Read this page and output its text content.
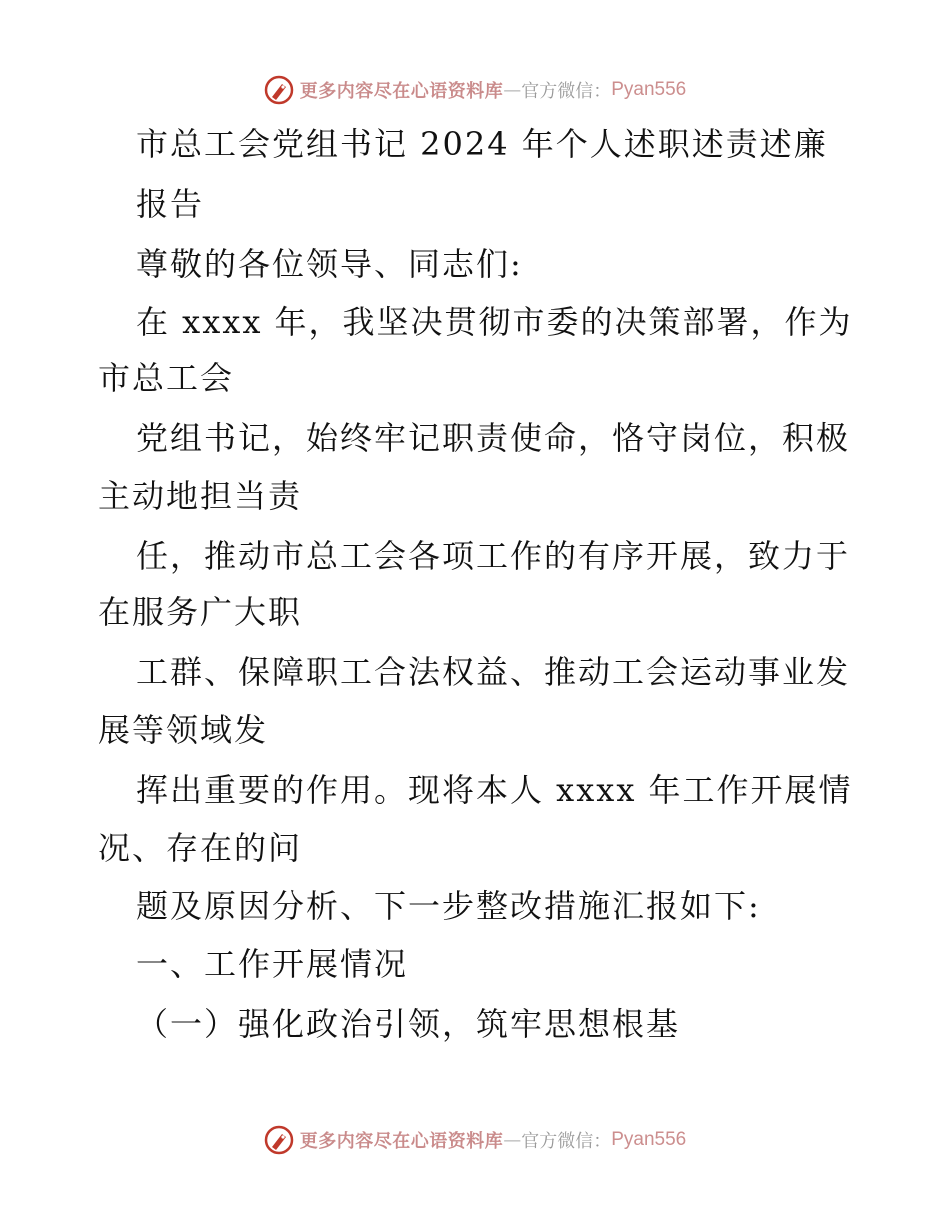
更多内容尽在心语资料库 — 官方微信： Pyan556
市总工会党组书记 2024 年个人述职述责述廉
报告
尊敬的各位领导、同志们:
在 xxxx 年，我坚决贯彻市委的决策部署，作为
市总工会
党组书记，始终牢记职责使命，恪守岗位，积极
主动地担当责
任，推动市总工会各项工作的有序开展，致力于
在服务广大职
工群、保障职工合法权益、推动工会运动事业发
展等领域发
挥出重要的作用。现将本人 xxxx 年工作开展情
况、存在的问
题及原因分析、下一步整改措施汇报如下:
一、工作开展情况
（一）强化政治引领，筑牢思想根基
更多内容尽在心语资料库 — 官方微信： Pyan556
